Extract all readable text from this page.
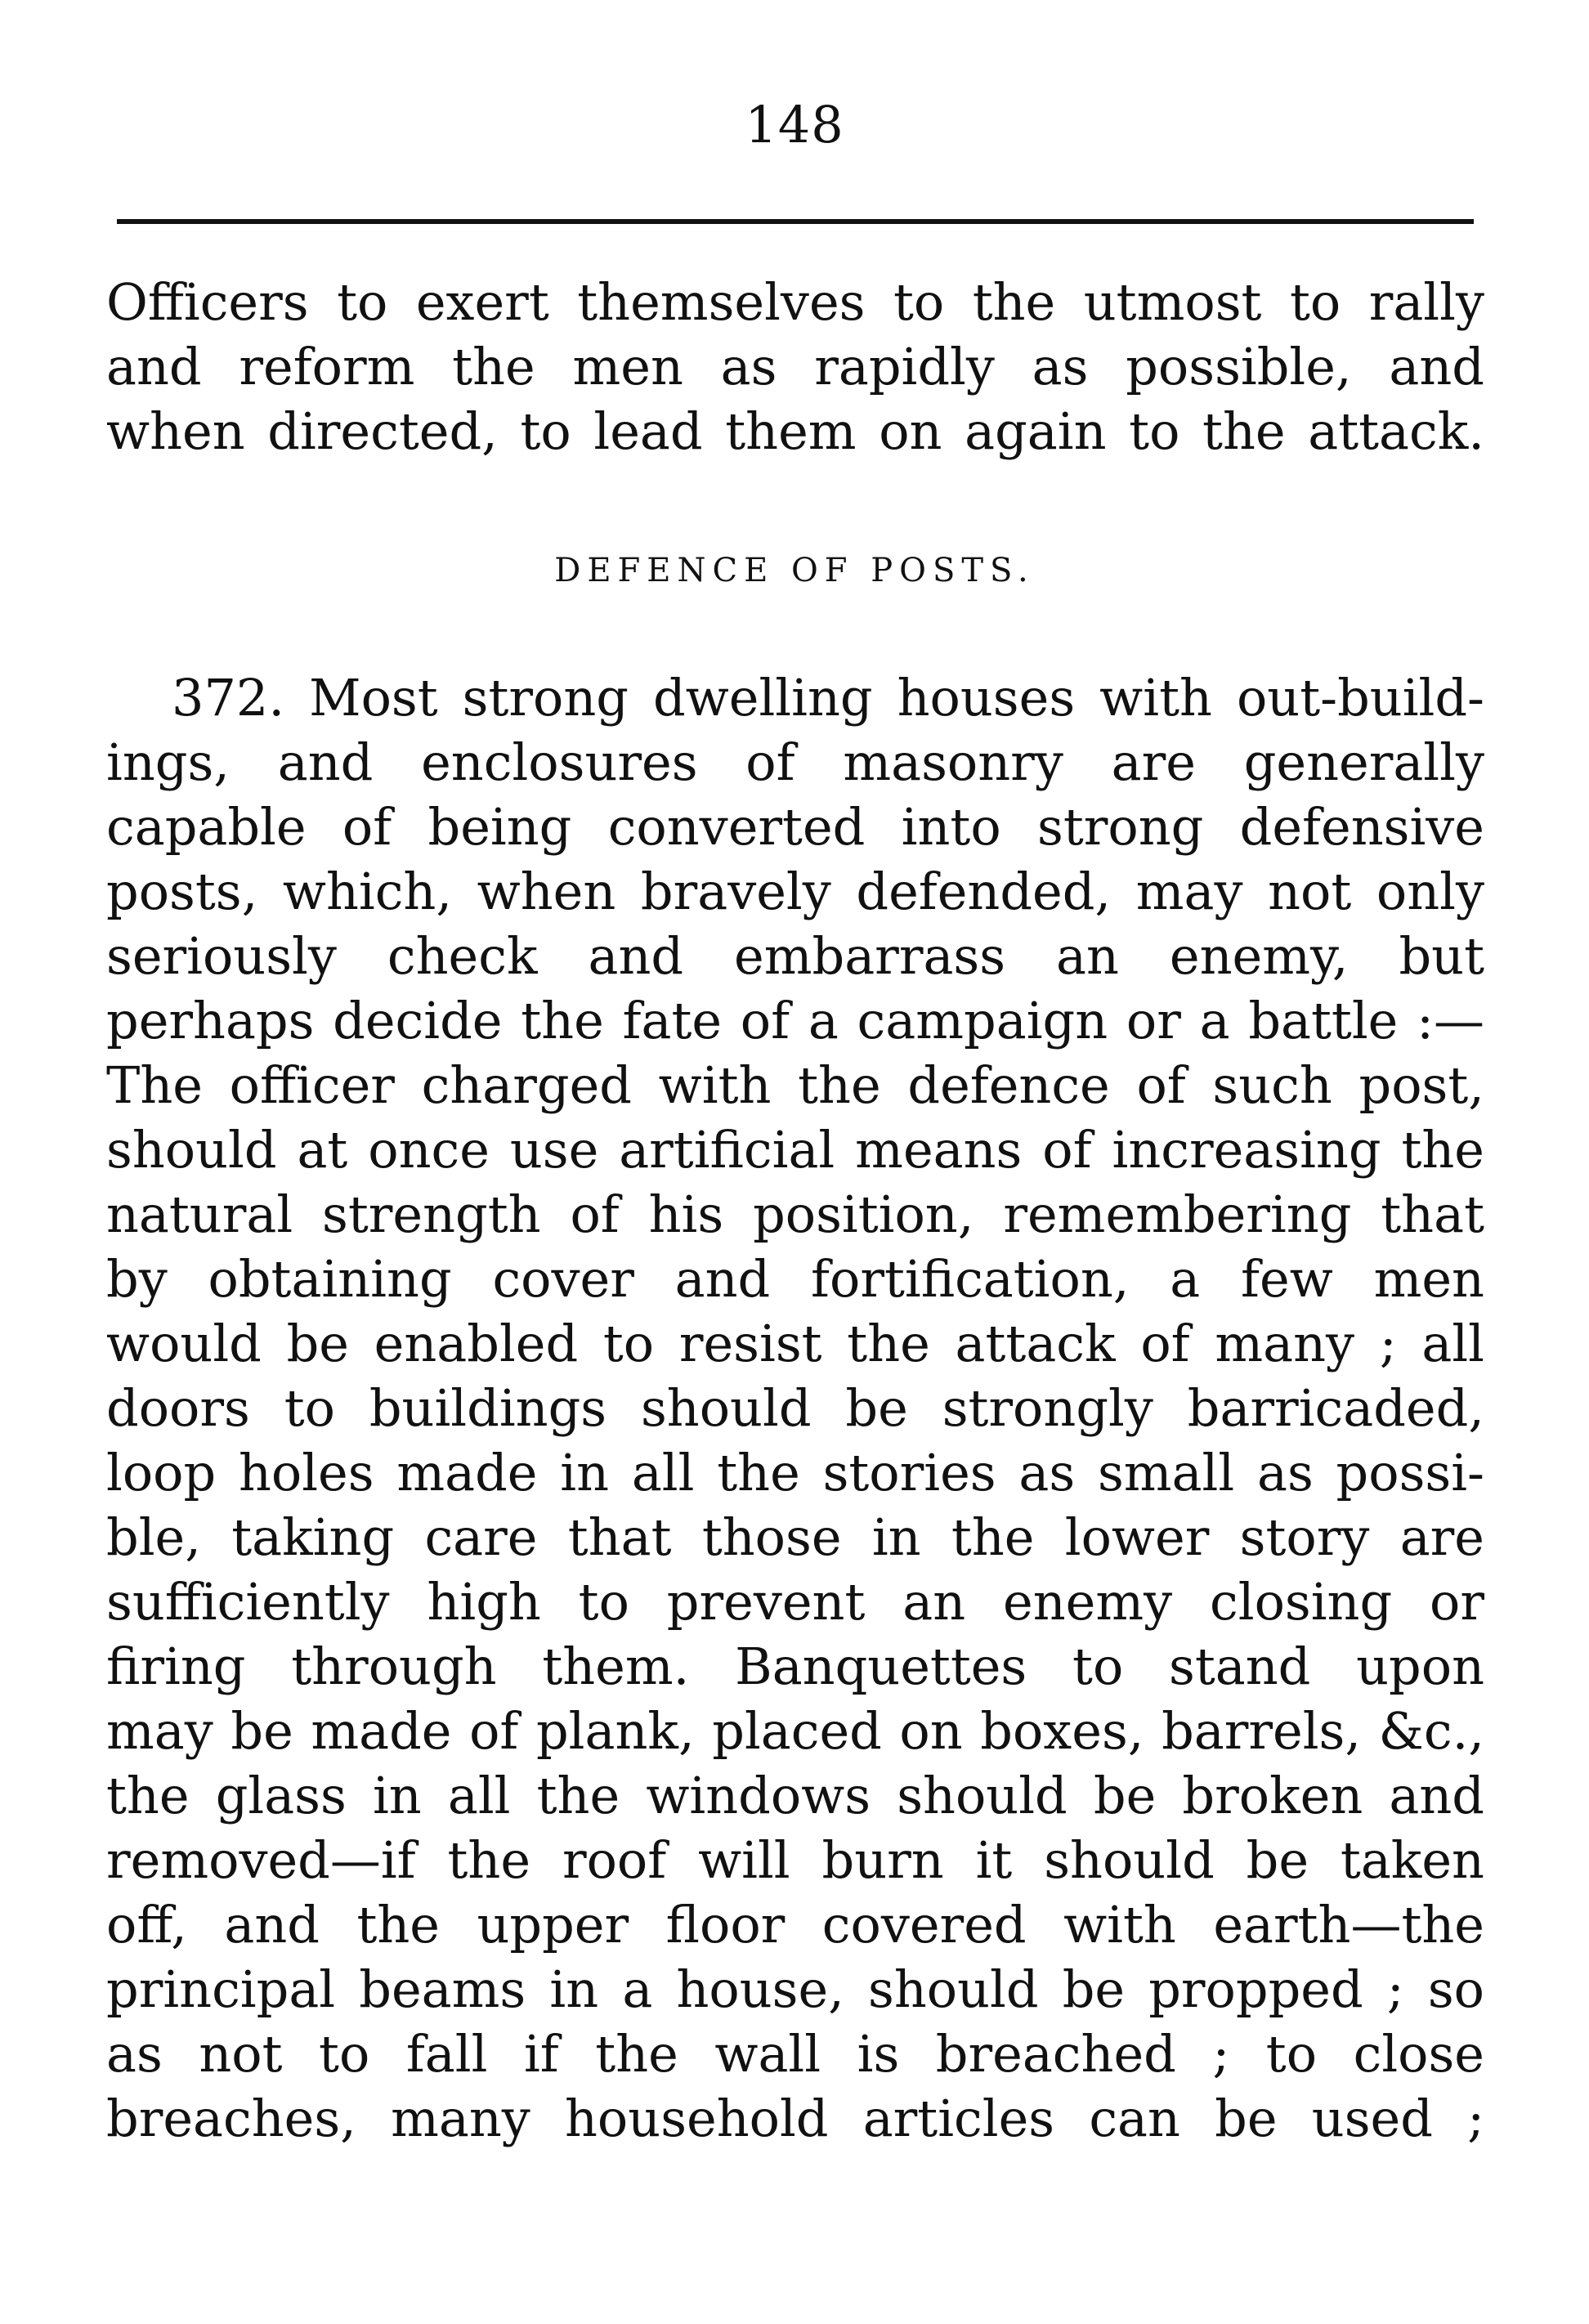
148
Officers to exert themselves to the utmost to rally
and reform the men as rapidly as possible, and
when directed, to lead them on again to the attack.
DEFENCE OF POSTS.
372. Most strong dwelling houses with out-build-
ings, and enclosures of masonry are generally
capable of being converted into strong defensive
posts, which, when bravely defended, may not only
seriously check and embarrass an enemy, but
perhaps decide the fate of a campaign or a battle :—
The officer charged with the defence of such post,
should at once use artificial means of increasing the
natural strength of his position, remembering that
by obtaining cover and fortification, a few men
would be enabled to resist the attack of many ; all
doors to buildings should be strongly barricaded,
loop holes made in all the stories as small as possi-
ble, taking care that those in the lower story are
sufficiently high to prevent an enemy closing or
firing through them. Banquettes to stand upon
may be made of plank, placed on boxes, barrels, &c.,
the glass in all the windows should be broken and
removed—if the roof will burn it should be taken
off, and the upper floor covered with earth—the
principal beams in a house, should be propped ; so
as not to fall if the wall is breached ; to close
breaches, many household articles can be used ;
